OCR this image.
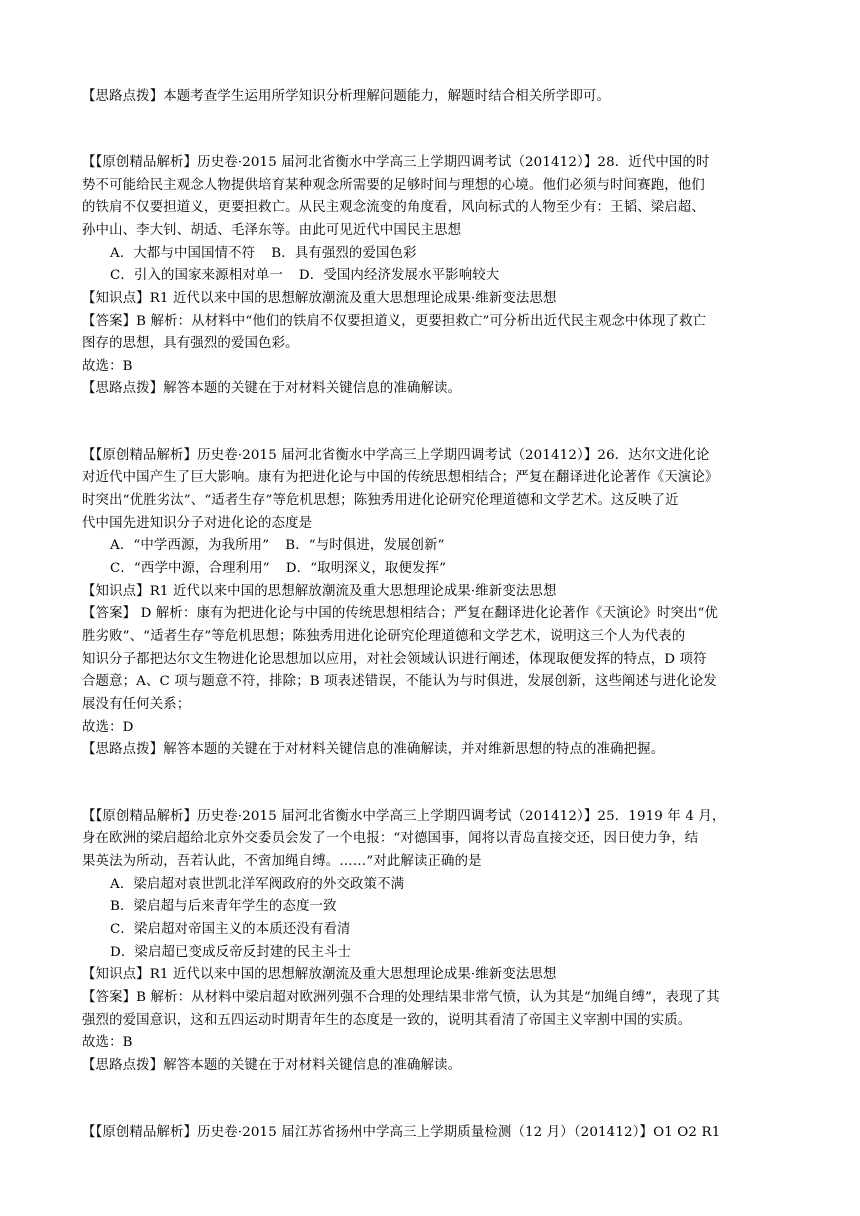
【思路点拨】本题考查学生运用所学知识分析理解问题能力，解题时结合相关所学即可。
【【原创精品解析】历史卷·2015 届河北省衡水中学高三上学期四调考试（201412）】28．近代中国的时
势不可能给民主观念人物提供培育某种观念所需要的足够时间与理想的心境。他们必须与时间赛跑，他们
的铁肩不仅要担道义，更要担救亡。从民主观念流变的角度看，风向标式的人物至少有：王韬、梁启超、
孙中山、李大钊、胡适、毛泽东等。由此可见近代中国民主思想
A．大都与中国国情不符 B．具有强烈的爱国色彩
C．引入的国家来源相对单一 D．受国内经济发展水平影响较大
【知识点】R1 近代以来中国的思想解放潮流及重大思想理论成果·维新变法思想
【答案】B 解析：从材料中“他们的铁肩不仅要担道义，更要担救亡”可分析出近代民主观念中体现了救亡
图存的思想，具有强烈的爱国色彩。
故选：B
【思路点拨】解答本题的关键在于对材料关键信息的准确解读。
【【原创精品解析】历史卷·2015 届河北省衡水中学高三上学期四调考试（201412）】26．达尔文进化论
对近代中国产生了巨大影响。康有为把进化论与中国的传统思想相结合；严复在翻译进化论著作《天演论》
时突出“优胜劣汰”、“适者生存”等危机思想；陈独秀用进化论研究伦理道德和文学艺术。这反映了近
代中国先进知识分子对进化论的态度是
A．“中学西源，为我所用” B．“与时俱进，发展创新”
C．“西学中源，合理利用” D．“取明深义，取便发挥”
【知识点】R1 近代以来中国的思想解放潮流及重大思想理论成果·维新变法思想
【答案】 D 解析：康有为把进化论与中国的传统思想相结合；严复在翻译进化论著作《天演论》时突出“优
胜劣败”、“适者生存”等危机思想；陈独秀用进化论研究伦理道德和文学艺术，说明这三个人为代表的
知识分子都把达尔文生物进化论思想加以应用，对社会领域认识进行阐述，体现取便发挥的特点，D 项符
合题意；A、C 项与题意不符，排除；B 项表述错误，不能认为与时俱进，发展创新，这些阐述与进化论发
展没有任何关系；
故选：D
【思路点拨】解答本题的关键在于对材料关键信息的准确解读，并对维新思想的特点的准确把握。
【【原创精品解析】历史卷·2015 届河北省衡水中学高三上学期四调考试（201412）】25．1919 年 4 月，
身在欧洲的梁启超给北京外交委员会发了一个电报：“对德国事，闻将以青岛直接交还，因日使力争，结
果英法为所动，吾若认此，不啻加绳自缚。……”对此解读正确的是
A．梁启超对袁世凯北洋军阀政府的外交政策不满
B．梁启超与后来青年学生的态度一致
C．梁启超对帝国主义的本质还没有看清
D．梁启超已变成反帝反封建的民主斗士
【知识点】R1 近代以来中国的思想解放潮流及重大思想理论成果·维新变法思想
【答案】B 解析：从材料中梁启超对欧洲列强不合理的处理结果非常气愤，认为其是“加绳自缚”，表现了其
强烈的爱国意识，这和五四运动时期青年生的态度是一致的，说明其看清了帝国主义宰割中国的实质。
故选：B
【思路点拨】解答本题的关键在于对材料关键信息的准确解读。
【【原创精品解析】历史卷·2015 届江苏省扬州中学高三上学期质量检测（12 月）（201412）】O1 O2 R1
